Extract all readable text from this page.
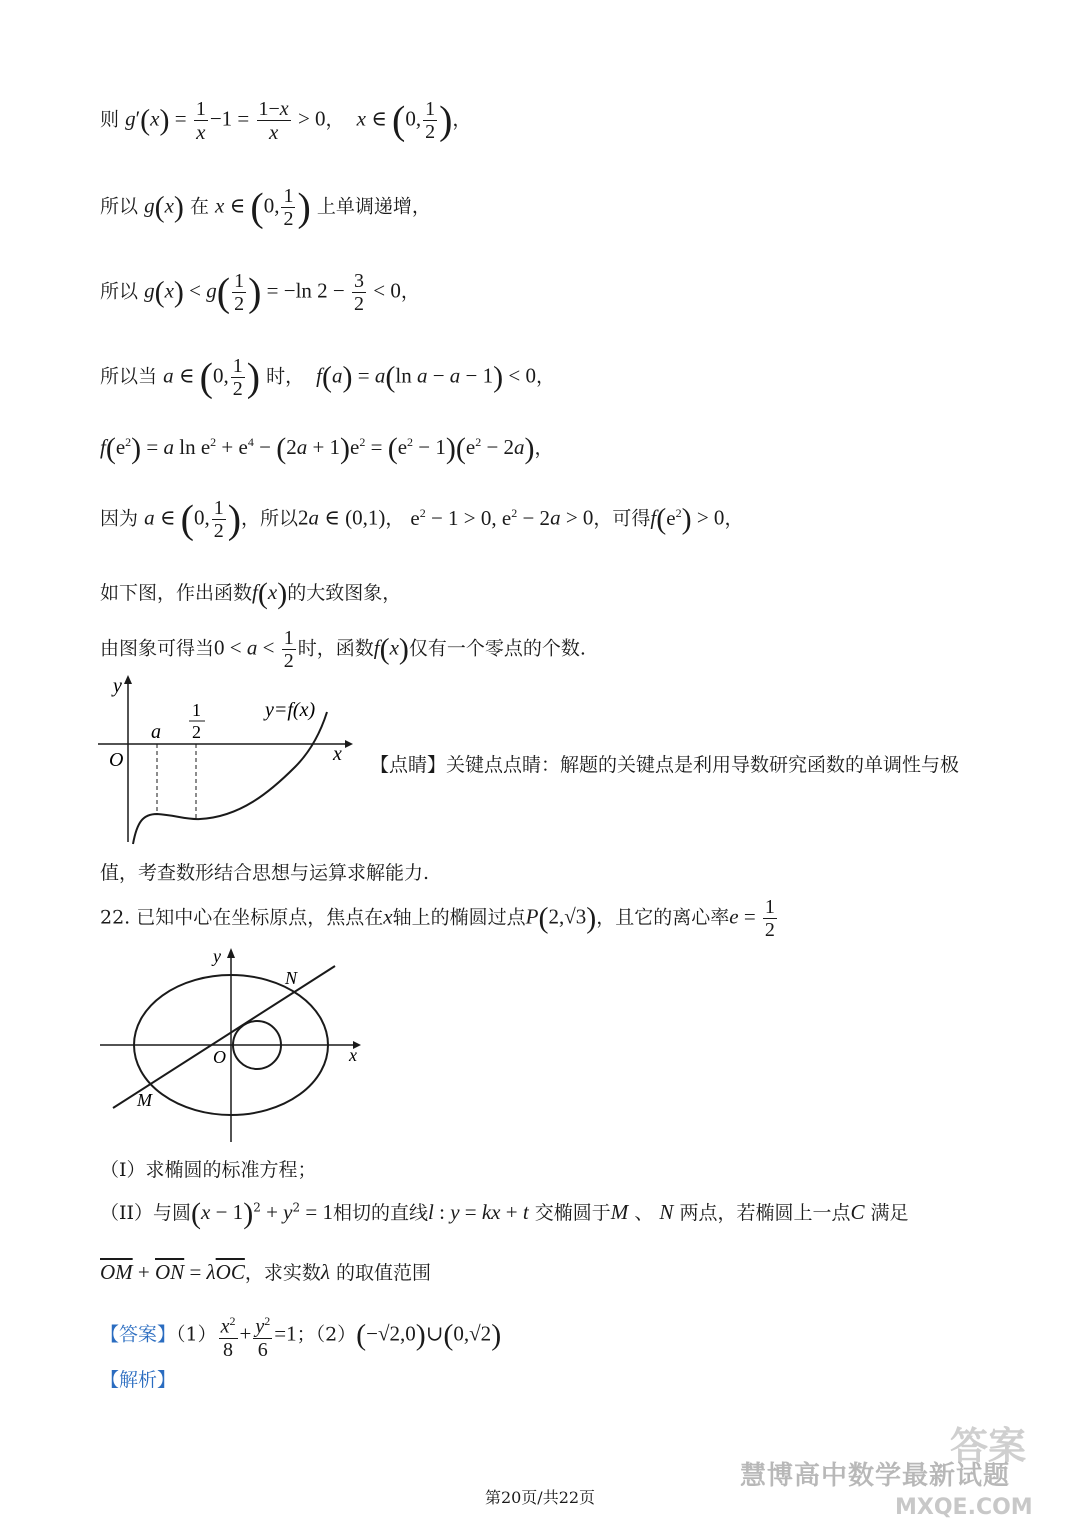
则 $g'(x) = \frac{1}{x} -1 = \frac{1-x}{x} > 0$，  x ∈ (0, $\frac{1}{2}$ )，
所以 g(x) 在 x ∈ (0, $\frac{1}{2}$ ) 上单调递增，
所以 $g(x) < g( \frac{1}{2}$ ) = −ln $2 - \frac{3}{2} < 0$，
所以当 a ∈ (0, $\frac{1}{2}$ ) 时， f(a) = a(ln a − a − 1) < 0，
$f(e^2) = a$ $\ln e^2 + e^4 - (2a + 1)e^2 = (e^2 - 1)(e^2 - 2a)$，
因为 a ∈ (0, $\frac{1}{2}$ )，所以2a ∈ (0,1)， $e^2 - 1 > 0$, $e^2 - 2a > 0$，可得$f(e^2) > 0$，
如下图，作出函数f(x)的大致图象，
由图象可得当$0 < a < \frac{1}{2}$ 时，函数f(x)仅有一个零点的个数.
y
x
O
a
1
2
y=f(x)
【点睛】关键点点睛：解题的关键点是利用导数研究函数的单调性与极
值，考查数形结合思想与运算求解能力.
22. 已知中心在坐标原点，焦点在x轴上的椭圆过点P(2,√3)，且它的离心率$e = \frac{1}{2}$
y
x
O
M
N
（I）求椭圆的标准方程；
（II）与圆$(x - 1)^2 + y^2 = 1$相切的直线l : y = kx + t 交椭圆于M 、 N 两点，若椭圆上一点C 满足
$\overline{OM} + \overline{ON} = \lambda\overline{OC}$，求实数λ 的取值范围
【答案】$(1) \frac{x^2}{8} + \frac{y^2}{6} =1$；（2）(−√2,0)∪(0,√2)
【解析】
答案
慧博高中数学最新试题
MXQE.COM
第20页/共22页
